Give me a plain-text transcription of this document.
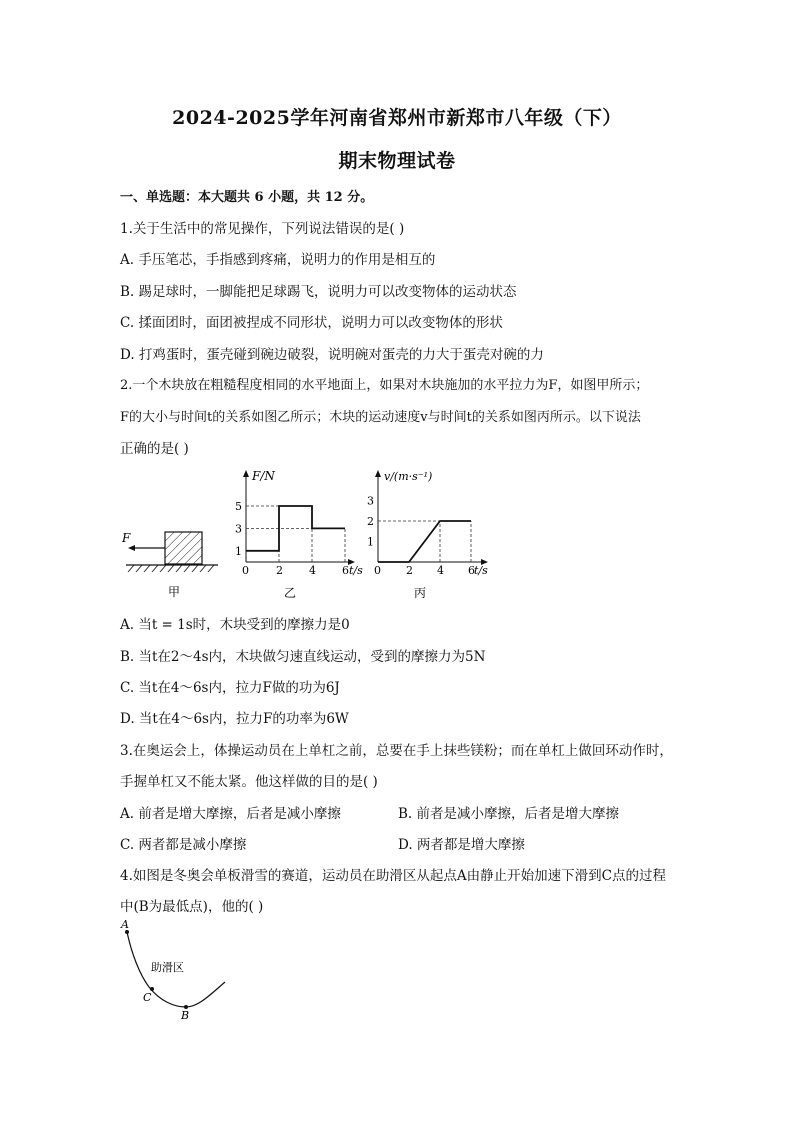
2024-2025学年河南省郑州市新郑市八年级（下）
期末物理试卷
一、单选题：本大题共 6 小题，共 12 分。
1.关于生活中的常见操作，下列说法错误的是( )
A. 手压笔芯，手指感到疼痛，说明力的作用是相互的
B. 踢足球时，一脚能把足球踢飞，说明力可以改变物体的运动状态
C. 揉面团时，面团被捏成不同形状，说明力可以改变物体的形状
D. 打鸡蛋时，蛋壳碰到碗边破裂，说明碗对蛋壳的力大于蛋壳对碗的力
2.一个木块放在粗糙程度相同的水平地面上，如果对木块施加的水平拉力为F，如图甲所示；
F的大小与时间t的关系如图乙所示；木块的运动速度v与时间t的关系如图丙所示。以下说法
正确的是( )
F
甲
F/N
t/s
0
1
3
5
2 4 6
乙
v/(m·s⁻¹)
t/s
0
1
2
3
2 4 6
丙
A. 当t = 1s时，木块受到的摩擦力是0
B. 当t在2～4s内，木块做匀速直线运动，受到的摩擦力为5N
C. 当t在4～6s内，拉力F做的功为6J
D. 当t在4～6s内，拉力F的功率为6W
3.在奥运会上，体操运动员在上单杠之前，总要在手上抹些镁粉；而在单杠上做回环动作时，
手握单杠又不能太紧。他这样做的目的是( )
A. 前者是增大摩擦，后者是减小摩擦	B. 前者是减小摩擦，后者是增大摩擦
C. 两者都是减小摩擦	D. 两者都是增大摩擦
4.如图是冬奥会单板滑雪的赛道，运动员在助滑区从起点A由静止开始加速下滑到C点的过程
中(B为最低点)，他的( )
A
C
B
助滑区
